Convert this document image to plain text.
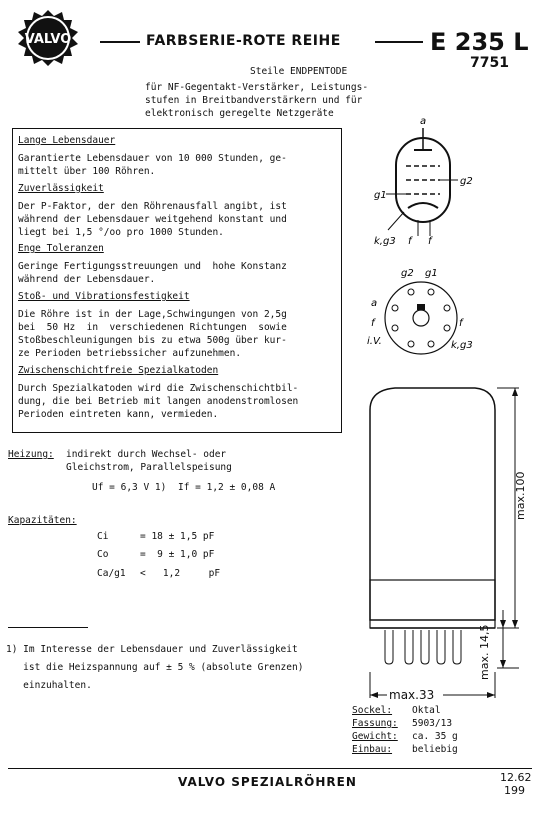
VALVO	FARBSERIE-ROTE REIHE	E 235 L
7751
Steile ENDPENTODE
für NF-Gegentakt-Verstärker, Leistungs-
stufen in Breitbandverstärkern und für
elektronisch geregelte Netzgeräte
Lange Lebensdauer
Garantierte Lebensdauer von 10 000 Stunden, ge-
mittelt über 100 Röhren.
Zuverlässigkeit
Der P-Faktor, der den Röhrenausfall angibt, ist
während der Lebensdauer weitgehend konstant und
liegt bei 1,5 °/oo pro 1000 Stunden.
Enge Toleranzen
Geringe Fertigungsstreuungen und  hohe Konstanz
während der Lebensdauer.
Stoß- und Vibrationsfestigkeit
Die Röhre ist in der Lage,Schwingungen von 2,5g
bei  50 Hz  in  verschiedenen Richtungen  sowie
Stoßbeschleunigungen bis zu etwa 500g über kur-
ze Perioden betriebssicher aufzunehmen.
Zwischenschichtfreie Spezialkatoden
Durch Spezialkatoden wird die Zwischenschichtbil-
dung, die bei Betrieb mit langen anodenstromlosen
Perioden eintreten kann, vermieden.
a
g1
g2
k,g3 f f
g2 g1
a
f
i.V.
f
k,g3
max.100
max. 14,5
max.33
Heizung: indirekt durch Wechsel- oder
Gleichstrom, Parallelspeisung
Uf = 6,3 V 1) If = 1,2 ± 0,08 A
Kapazitäten:
Ci	= 18 ± 1,5 pF
Co	=  9 ± 1,0 pF
Ca/g1 <   1,2     pF
1) Im Interesse der Lebensdauer und Zuverlässigkeit
ist die Heizspannung auf ± 5 % (absolute Grenzen)
einzuhalten.
Sockel: Oktal
Fassung: 5903/13
Gewicht: ca. 35 g
Einbau: beliebig
VALVO SPEZIALRÖHREN	12.62
199
